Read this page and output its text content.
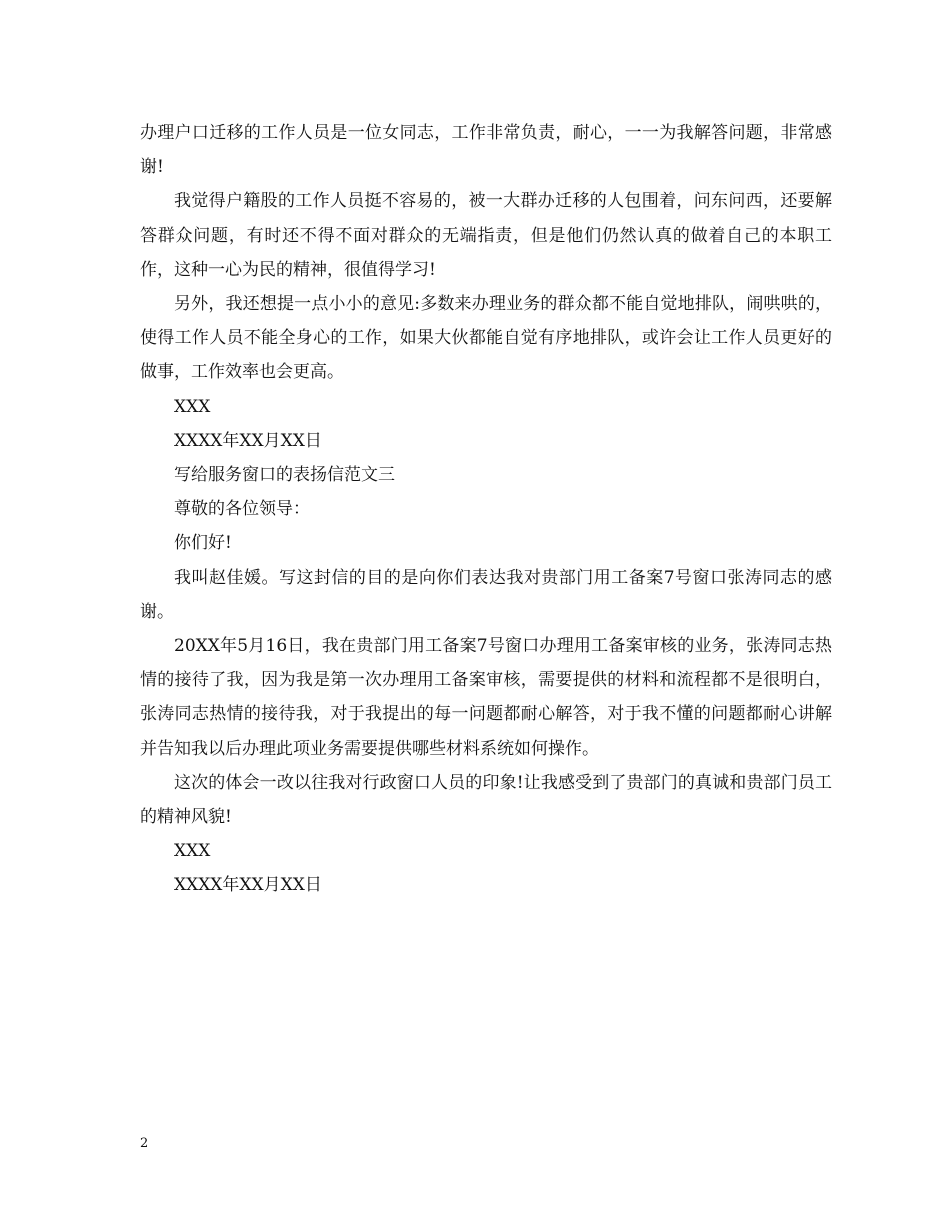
办理户口迁移的工作人员是一位女同志，工作非常负责，耐心，一一为我解答问题，非常感谢!

我觉得户籍股的工作人员挺不容易的，被一大群办迁移的人包围着，问东问西，还要解答群众问题，有时还不得不面对群众的无端指责，但是他们仍然认真的做着自己的本职工作，这种一心为民的精神，很值得学习!

另外，我还想提一点小小的意见:多数来办理业务的群众都不能自觉地排队，闹哄哄的，使得工作人员不能全身心的工作，如果大伙都能自觉有序地排队，或许会让工作人员更好的做事，工作效率也会更高。

XXX

XXXX年XX月XX日

写给服务窗口的表扬信范文三

尊敬的各位领导：

你们好!

我叫赵佳媛。写这封信的目的是向你们表达我对贵部门用工备案7号窗口张涛同志的感谢。

20XX年5月16日，我在贵部门用工备案7号窗口办理用工备案审核的业务，张涛同志热情的接待了我，因为我是第一次办理用工备案审核，需要提供的材料和流程都不是很明白，张涛同志热情的接待我，对于我提出的每一问题都耐心解答，对于我不懂的问题都耐心讲解并告知我以后办理此项业务需要提供哪些材料系统如何操作。

这次的体会一改以往我对行政窗口人员的印象!让我感受到了贵部门的真诚和贵部门员工的精神风貌!

XXX

XXXX年XX月XX日

2
